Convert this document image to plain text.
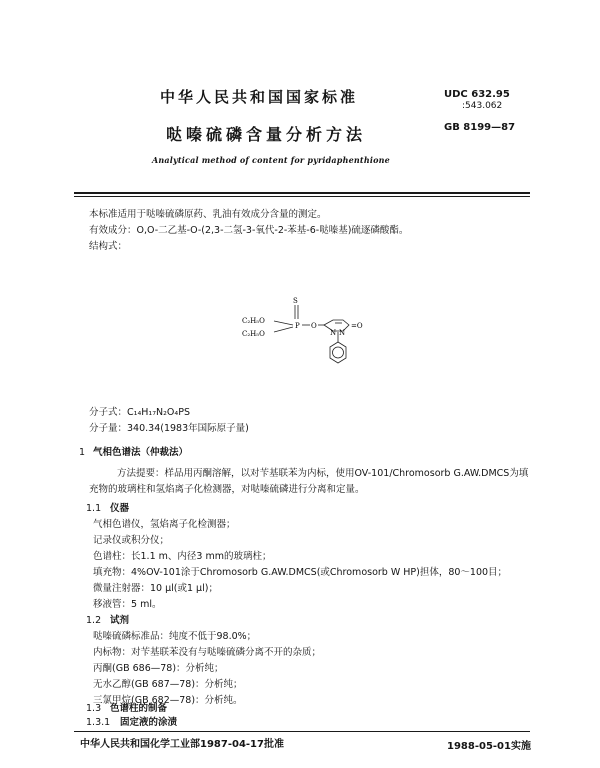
中华人民共和国国家标准	UDC 632.95
:543.062
哒嗪硫磷含量分析方法	GB 8199—87
Analytical method of content for pyridaphenthione
本标准适用于哒嗪硫磷原药、乳油有效成分含量的测定。
有效成分：O,O-二乙基-O-(2,3-二氢-3-氧代-2-苯基-6-哒嗪基)硫逐磷酸酯。
结构式：
S
C₂H₅O
C₂H₅O
P O
N N
=O
分子式：C₁₄H₁₇N₂O₄PS
分子量：340.34(1983年国际原子量)
1 气相色谱法（仲裁法）
方法提要：样品用丙酮溶解，以对苄基联苯为内标，使用OV-101/Chromosorb G.AW.DMCS为填充物的玻璃柱和氢焰离子化检测器，对哒嗪硫磷进行分离和定量。
1.1 仪器
气相色谱仪，氢焰离子化检测器；
记录仪或积分仪；
色谱柱：长1.1 m、内径3 mm的玻璃柱；
填充物：4%OV-101涂于Chromosorb G.AW.DMCS(或Chromosorb W HP)担体，80～100目；
微量注射器：10 μl(或1 μl)；
移液管：5 ml。
1.2 试剂
哒嗪硫磷标准品：纯度不低于98.0%；
内标物：对苄基联苯没有与哒嗪硫磷分离不开的杂质；
丙酮(GB 686—78)：分析纯；
无水乙醇(GB 687—78)：分析纯；
三氯甲烷(GB 682—78)：分析纯。
1.3 色谱柱的制备
1.3.1 固定液的涂渍
中华人民共和国化学工业部1987-04-17批准	1988-05-01实施
